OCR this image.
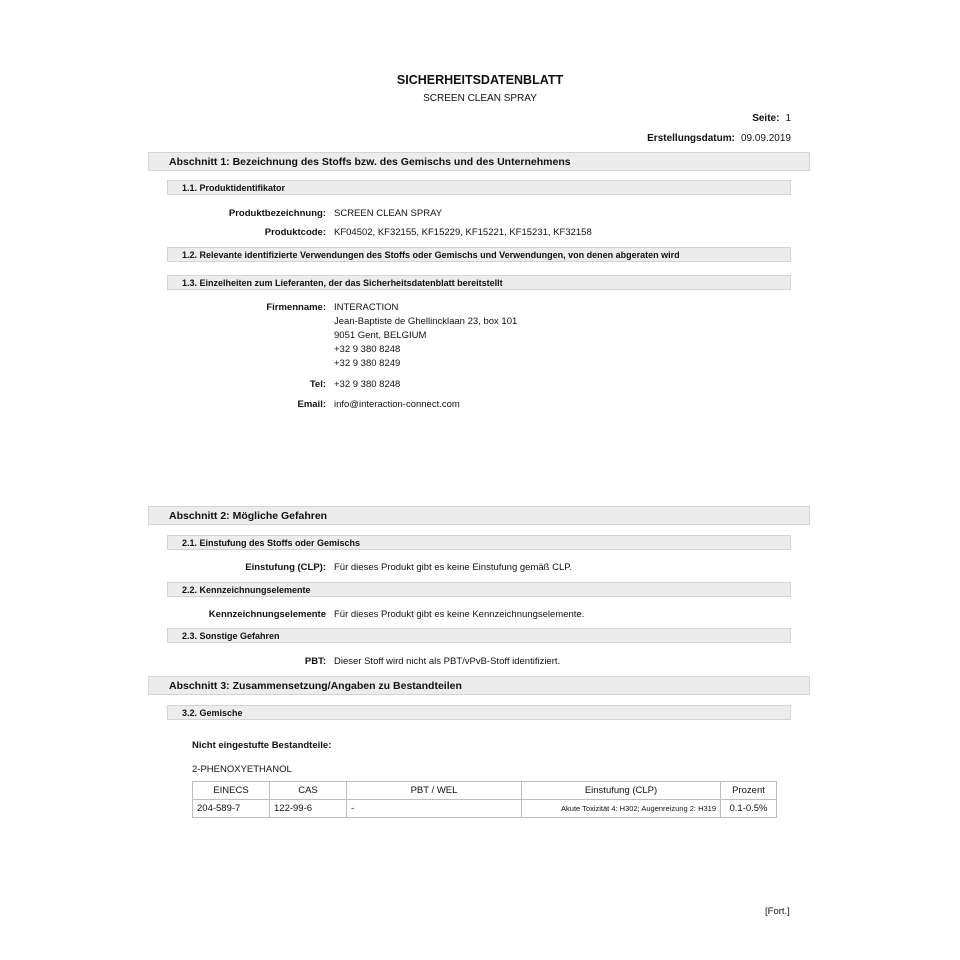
SICHERHEITSDATENBLATT
SCREEN CLEAN SPRAY
Seite: 1
Erstellungsdatum: 09.09.2019
Abschnitt 1: Bezeichnung des Stoffs bzw. des Gemischs und des Unternehmens
1.1. Produktidentifikator
Produktbezeichnung: SCREEN CLEAN SPRAY
Produktcode: KF04502, KF32155, KF15229, KF15221, KF15231, KF32158
1.2. Relevante identifizierte Verwendungen des Stoffs oder Gemischs und Verwendungen, von denen abgeraten wird
1.3. Einzelheiten zum Lieferanten, der das Sicherheitsdatenblatt bereitstellt
Firmenname: INTERACTION
Jean-Baptiste de Ghellincklaan 23, box 101
9051 Gent, BELGIUM
+32 9 380 8248
+32 9 380 8249
Tel: +32 9 380 8248
Email: info@interaction-connect.com
Abschnitt 2: Mögliche Gefahren
2.1. Einstufung des Stoffs oder Gemischs
Einstufung (CLP): Für dieses Produkt gibt es keine Einstufung gemäß CLP.
2.2. Kennzeichnungselemente
Kennzeichnungselemente Für dieses Produkt gibt es keine Kennzeichnungselemente.
2.3. Sonstige Gefahren
PBT: Dieser Stoff wird nicht als PBT/vPvB-Stoff identifiziert.
Abschnitt 3: Zusammensetzung/Angaben zu Bestandteilen
3.2. Gemische
Nicht eingestufte Bestandteile:
2-PHENOXYETHANOL
EINECS	CAS	PBT / WEL	Einstufung (CLP)	Prozent
204-589-7	122-99-6	-	Akute Toxizität 4: H302; Augenreizung 2: H319	0.1-0.5%
[Fort.]
